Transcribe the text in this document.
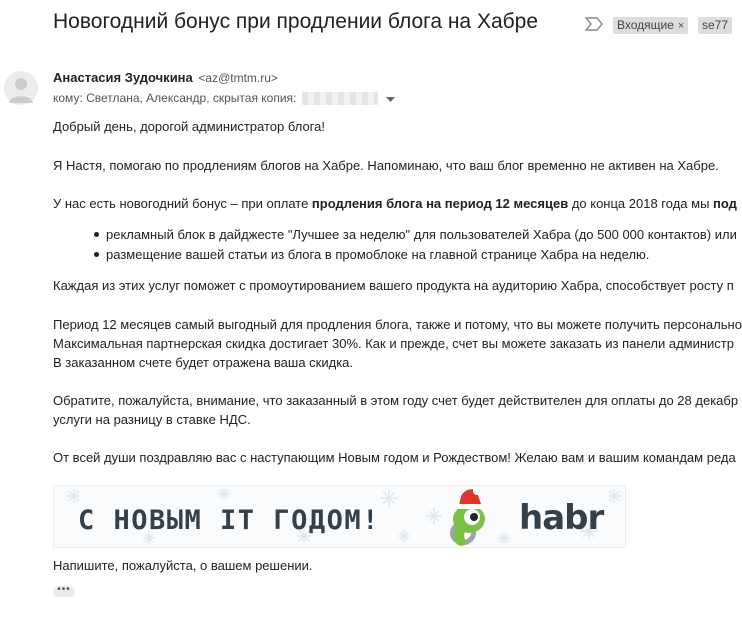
Новогодний бонус при продлении блога на Хабре	Входящие ×	se77
Анастасия Зудочкина <az@tmtm.ru>
кому: Светлана, Александр, скрытая копия:
Добрый день, дорогой администратор блога!
Я Настя, помогаю по продлениям блогов на Хабре. Напоминаю, что ваш блог временно не активен на Хабре.
У нас есть новогодний бонус – при оплате продления блога на период 12 месяцев до конца 2018 года мы под
рекламный блок в дайджесте "Лучшее за неделю" для пользователей Хабра (до 500 000 контактов) или
размещение вашей статьи из блога в промоблоке на главной странице Хабра на неделю.
Каждая из этих услуг поможет с промоутированием вашего продукта на аудиторию Хабра, способствует росту п
Период 12 месяцев самый выгодный для продления блога, также и потому, что вы можете получить персонально
Максимальная партнерская скидка достигает 30%. Как и прежде, счет вы можете заказать из панели администр
В заказанном счете будет отражена ваша скидка.
Обратите, пожалуйста, внимание, что заказанный в этом году счет будет действителен для оплаты до 28 декабр
услуги на разницу в ставке НДС.
От всей души поздравляю вас с наступающим Новым годом и Рождеством! Желаю вам и вашим командам реда
С НОВЫМ IT ГОДОМ!	habr
Напишите, пожалуйста, о вашем решении.
•••
